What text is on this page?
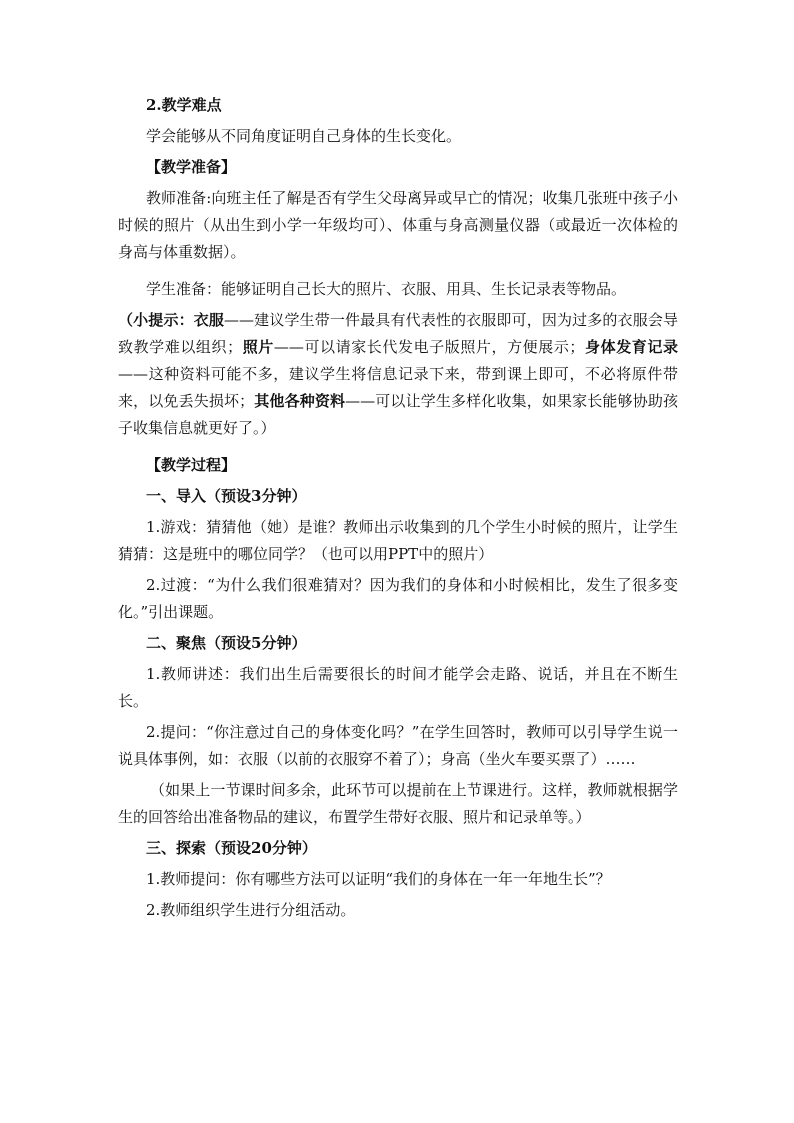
2.教学难点

学会能够从不同角度证明自己身体的生长变化。

【教学准备】

教师准备:向班主任了解是否有学生父母离异或早亡的情况；收集几张班中孩子小时候的照片（从出生到小学一年级均可）、体重与身高测量仪器（或最近一次体检的身高与体重数据）。

学生准备：能够证明自己长大的照片、衣服、用具、生长记录表等物品。

（小提示：衣服——建议学生带一件最具有代表性的衣服即可，因为过多的衣服会导致教学难以组织；照片——可以请家长代发电子版照片，方便展示；身体发育记录——这种资料可能不多，建议学生将信息记录下来，带到课上即可，不必将原件带来，以免丢失损坏；其他各种资料——可以让学生多样化收集，如果家长能够协助孩子收集信息就更好了。）

【教学过程】

一、导入（预设3分钟）

1.游戏：猜猜他（她）是谁？教师出示收集到的几个学生小时候的照片，让学生猜猜：这是班中的哪位同学？（也可以用PPT中的照片）

2.过渡：“为什么我们很难猜对？因为我们的身体和小时候相比，发生了很多变化。”引出课题。

二、聚焦（预设5分钟）

1.教师讲述：我们出生后需要很长的时间才能学会走路、说话，并且在不断生长。

2.提问：“你注意过自己的身体变化吗？”在学生回答时，教师可以引导学生说一说具体事例，如：衣服（以前的衣服穿不着了）；身高（坐火车要买票了）……

（如果上一节课时间多余，此环节可以提前在上节课进行。这样，教师就根据学生的回答给出准备物品的建议，布置学生带好衣服、照片和记录单等。）

三、探索（预设20分钟）

1.教师提问：你有哪些方法可以证明“我们的身体在一年一年地生长”？

2.教师组织学生进行分组活动。
